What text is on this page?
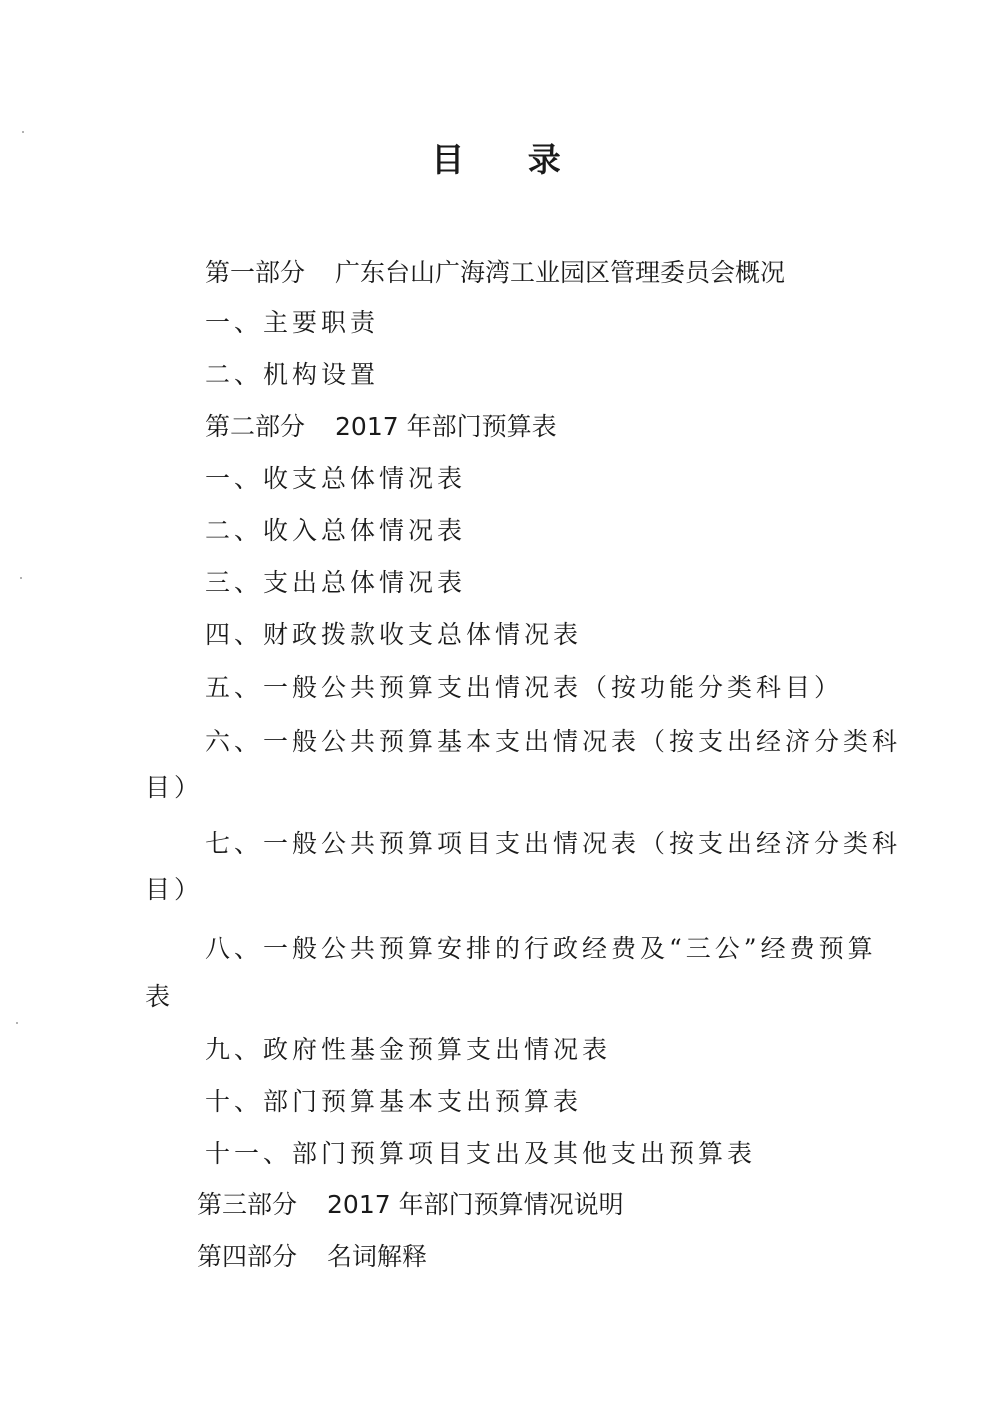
目 录
第一部分 广东台山广海湾工业园区管理委员会概况
一、主要职责
二、机构设置
第二部分 2017 年部门预算表
一、收支总体情况表
二、收入总体情况表
三、支出总体情况表
四、财政拨款收支总体情况表
五、一般公共预算支出情况表（按功能分类科目）
六、一般公共预算基本支出情况表（按支出经济分类科
目）
七、一般公共预算项目支出情况表（按支出经济分类科
目）
八、一般公共预算安排的行政经费及“三公”经费预算
表
九、政府性基金预算支出情况表
十、部门预算基本支出预算表
十一、部门预算项目支出及其他支出预算表
第三部分 2017 年部门预算情况说明
第四部分 名词解释
